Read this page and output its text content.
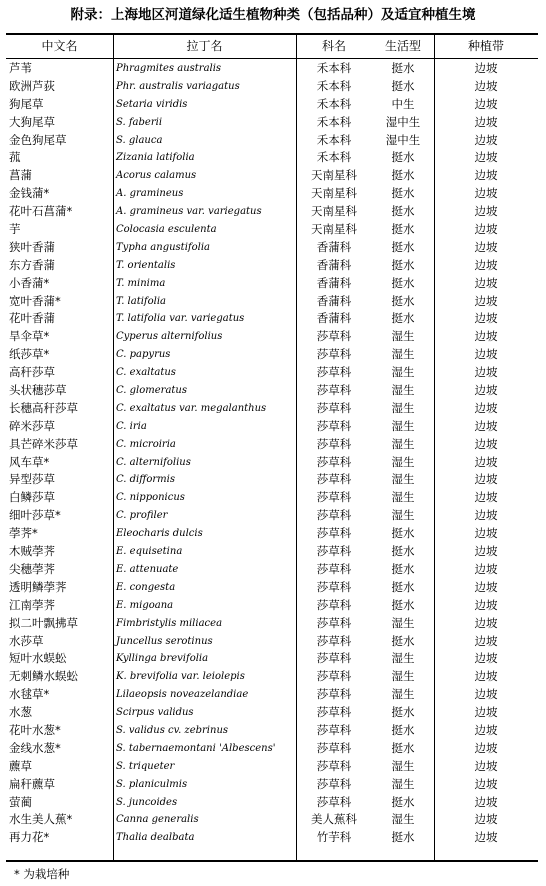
附录：上海地区河道绿化适生植物种类（包括品种）及适宜种植生境
中文名	拉丁名	科名	生活型	种植带
芦苇	Phragmites australis	禾本科	挺水	边坡
欧洲芦荻	Phr. australis variagatus	禾本科	挺水	边坡
狗尾草	Setaria viridis	禾本科	中生	边坡
大狗尾草	S. faberii	禾本科	湿中生	边坡
金色狗尾草	S. glauca	禾本科	湿中生	边坡
菰	Zizania latifolia	禾本科	挺水	边坡
菖蒲	Acorus calamus	天南星科	挺水	边坡
金钱蒲*	A. gramineus	天南星科	挺水	边坡
花叶石菖蒲*	A. gramineus var. variegatus	天南星科	挺水	边坡
芋	Colocasia esculenta	天南星科	挺水	边坡
狭叶香蒲	Typha angustifolia	香蒲科	挺水	边坡
东方香蒲	T. orientalis	香蒲科	挺水	边坡
小香蒲*	T. minima	香蒲科	挺水	边坡
宽叶香蒲*	T. latifolia	香蒲科	挺水	边坡
花叶香蒲	T. latifolia var. variegatus	香蒲科	挺水	边坡
旱伞草*	Cyperus alternifolius	莎草科	湿生	边坡
纸莎草*	C. papyrus	莎草科	湿生	边坡
高秆莎草	C. exaltatus	莎草科	湿生	边坡
头状穗莎草	C. glomeratus	莎草科	湿生	边坡
长穗高秆莎草	C. exaltatus var. megalanthus	莎草科	湿生	边坡
碎米莎草	C. iria	莎草科	湿生	边坡
具芒碎米莎草	C. microiria	莎草科	湿生	边坡
风车草*	C. alternifolius	莎草科	湿生	边坡
异型莎草	C. difformis	莎草科	湿生	边坡
白鳞莎草	C. nipponicus	莎草科	湿生	边坡
细叶莎草*	C. profiler	莎草科	湿生	边坡
荸荠*	Eleocharis dulcis	莎草科	挺水	边坡
木贼荸荠	E. equisetina	莎草科	挺水	边坡
尖穗荸荠	E. attenuate	莎草科	挺水	边坡
透明鳞荸荠	E. congesta	莎草科	挺水	边坡
江南荸荠	E. migoana	莎草科	挺水	边坡
拟二叶飘拂草	Fimbristylis miliacea	莎草科	湿生	边坡
水莎草	Juncellus serotinus	莎草科	挺水	边坡
短叶水蜈蚣	Kyllinga brevifolia	莎草科	湿生	边坡
无刺鳞水蜈蚣	K. brevifolia var. leiolepis	莎草科	湿生	边坡
水毬草*	Lilaeopsis noveazelandiae	莎草科	湿生	边坡
水葱	Scirpus validus	莎草科	挺水	边坡
花叶水葱*	S. validus cv. zebrinus	莎草科	挺水	边坡
金线水葱*	S. tabernaemontani 'Albescens'	莎草科	挺水	边坡
藨草	S. triqueter	莎草科	湿生	边坡
扁秆藨草	S. planiculmis	莎草科	湿生	边坡
萤蔺	S. juncoides	莎草科	挺水	边坡
水生美人蕉*	Canna generalis	美人蕉科	湿生	边坡
再力花*	Thalia dealbata	竹芋科	挺水	边坡
* 为栽培种
